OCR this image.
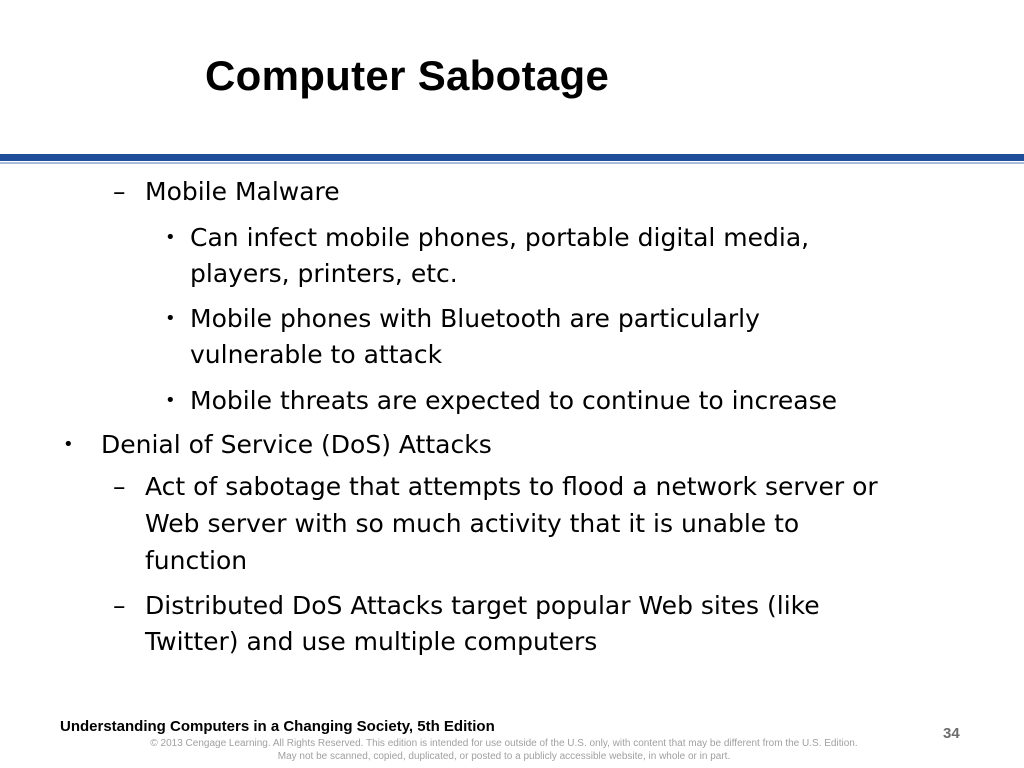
Computer Sabotage
– Mobile Malware
• Can infect mobile phones, portable digital media,
players, printers, etc.
• Mobile phones with Bluetooth are particularly
vulnerable to attack
• Mobile threats are expected to continue to increase
• Denial of Service (DoS) Attacks
– Act of sabotage that attempts to flood a network server or
Web server with so much activity that it is unable to
function
– Distributed DoS Attacks target popular Web sites (like
Twitter) and use multiple computers
Understanding Computers in a Changing Society, 5th Edition	34
© 2013 Cengage Learning. All Rights Reserved. This edition is intended for use outside of the U.S. only, with content that may be different from the U.S. Edition.
May not be scanned, copied, duplicated, or posted to a publicly accessible website, in whole or in part.
